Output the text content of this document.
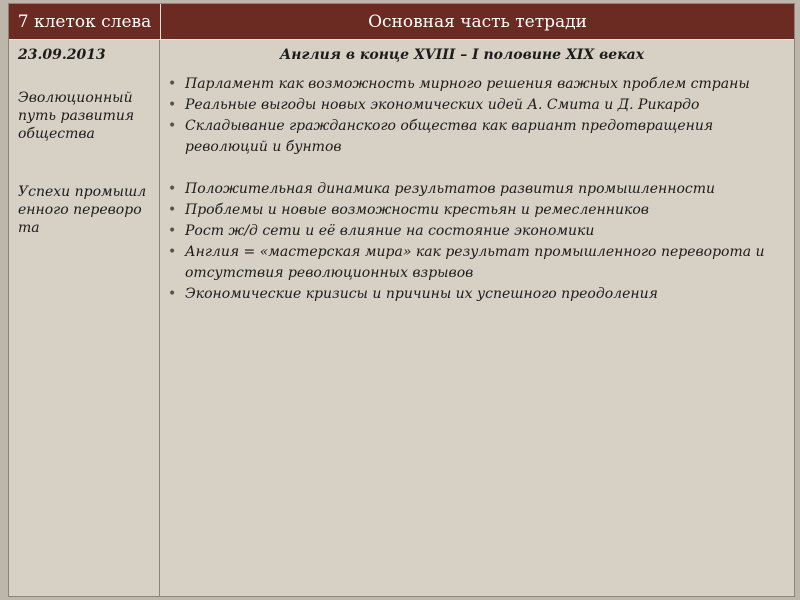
7 клеток слева	Основная часть тетради
23.09.2013
Эволюционный путь развития общества
Успехи промышленного переворота
Англия в конце XVIII – I половине XIX веках
• Парламент как возможность мирного решения важных проблем страны
• Реальные выгоды новых экономических идей А. Смита и Д. Рикардо
• Складывание гражданского общества как вариант предотвращения революций и бунтов
• Положительная динамика результатов развития промышленности
• Проблемы и новые возможности крестьян и ремесленников
• Рост ж/д сети и её влияние на состояние экономики
• Англия = «мастерская мира» как результат промышленного переворота и отсутствия революционных взрывов
• Экономические кризисы и причины их успешного преодоления
